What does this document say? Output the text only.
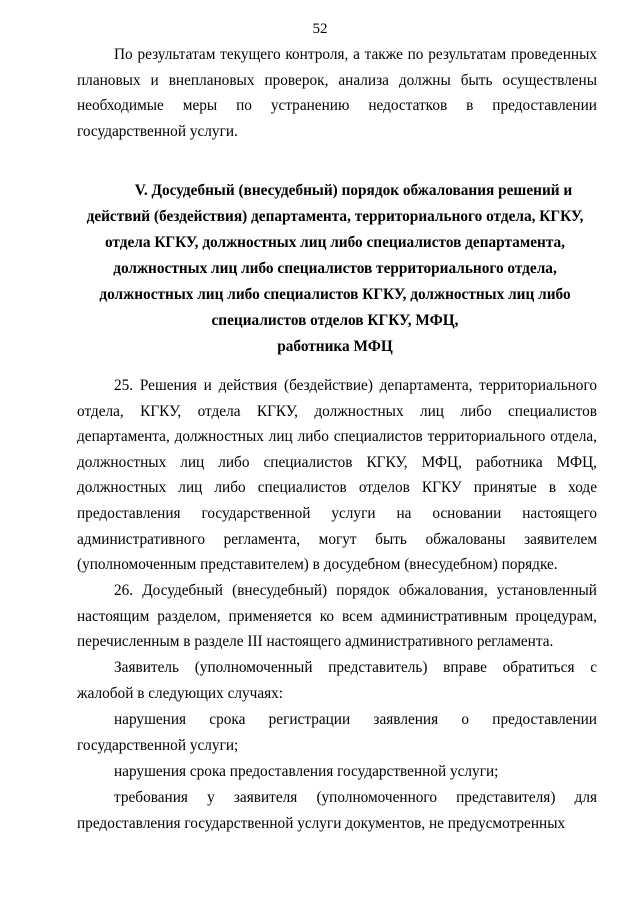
52

По результатам текущего контроля, а также по результатам проведенных плановых и внеплановых проверок, анализа должны быть осуществлены необходимые меры по устранению недостатков в предоставлении государственной услуги.

V. Досудебный (внесудебный) порядок обжалования решений и
действий (бездействия) департамента, территориального отдела, КГКУ,
отдела КГКУ, должностных лиц либо специалистов департамента,
должностных лиц либо специалистов территориального отдела,
должностных лиц либо специалистов КГКУ, должностных лиц либо
специалистов отделов КГКУ, МФЦ,
работника МФЦ

25. Решения и действия (бездействие) департамента, территориального отдела, КГКУ, отдела КГКУ, должностных лиц либо специалистов департамента, должностных лиц либо специалистов территориального отдела, должностных лиц либо специалистов КГКУ, МФЦ, работника МФЦ, должностных лиц либо специалистов отделов КГКУ принятые в ходе предоставления государственной услуги на основании настоящего административного регламента, могут быть обжалованы заявителем (уполномоченным представителем) в досудебном (внесудебном) порядке.

26. Досудебный (внесудебный) порядок обжалования, установленный настоящим разделом, применяется ко всем административным процедурам, перечисленным в разделе III настоящего административного регламента.

Заявитель (уполномоченный представитель) вправе обратиться с жалобой в следующих случаях:

нарушения срока регистрации заявления о предоставлении государственной услуги;

нарушения срока предоставления государственной услуги;

требования у заявителя (уполномоченного представителя) для предоставления государственной услуги документов, не предусмотренных
